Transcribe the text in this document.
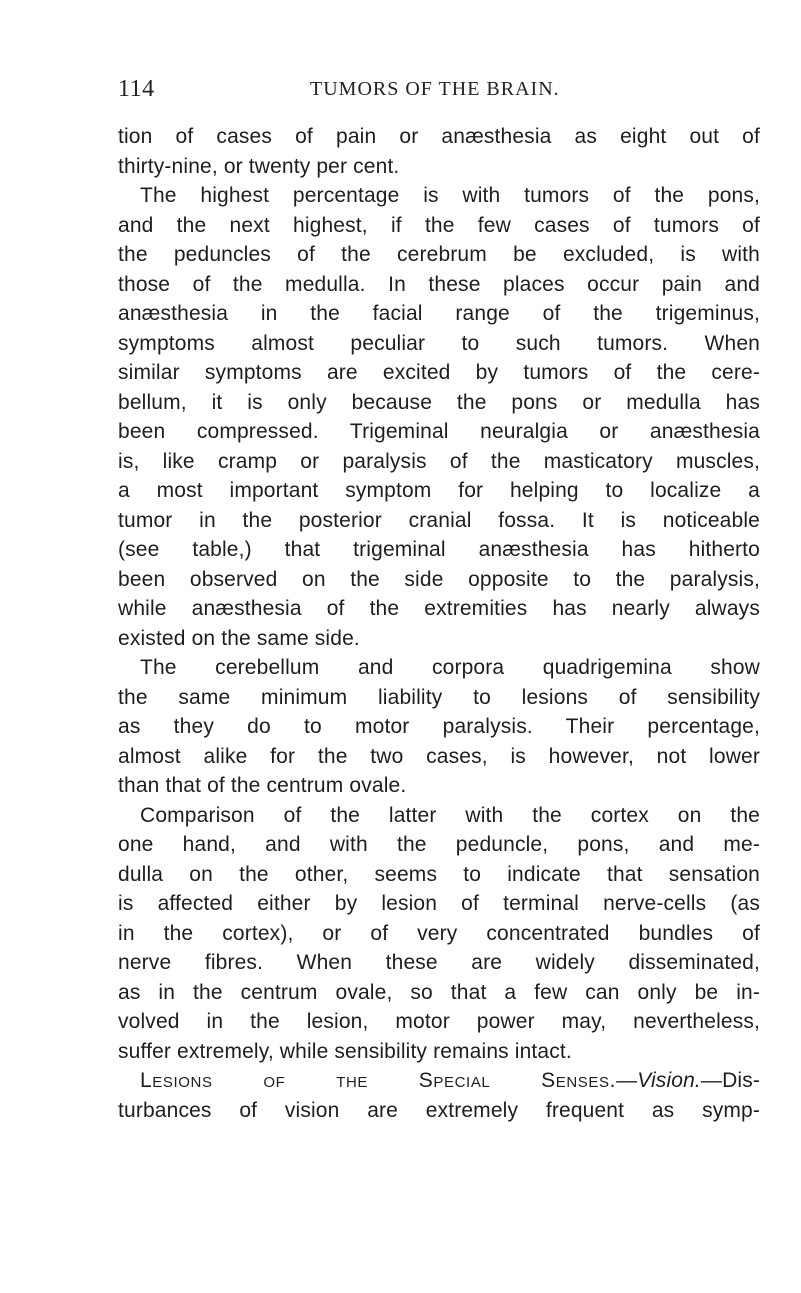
114	TUMORS OF THE BRAIN.
tion of cases of pain or anæsthesia as eight out of
thirty-nine, or twenty per cent.
The highest percentage is with tumors of the pons,
and the next highest, if the few cases of tumors of
the peduncles of the cerebrum be excluded, is with
those of the medulla. In these places occur pain and
anæsthesia in the facial range of the trigeminus,
symptoms almost peculiar to such tumors. When
similar symptoms are excited by tumors of the cere-
bellum, it is only because the pons or medulla has
been compressed. Trigeminal neuralgia or anæsthesia
is, like cramp or paralysis of the masticatory muscles,
a most important symptom for helping to localize a
tumor in the posterior cranial fossa. It is noticeable
(see table,) that trigeminal anæsthesia has hitherto
been observed on the side opposite to the paralysis,
while anæsthesia of the extremities has nearly always
existed on the same side.
The cerebellum and corpora quadrigemina show
the same minimum liability to lesions of sensibility
as they do to motor paralysis. Their percentage,
almost alike for the two cases, is however, not lower
than that of the centrum ovale.
Comparison of the latter with the cortex on the
one hand, and with the peduncle, pons, and me-
dulla on the other, seems to indicate that sensation
is affected either by lesion of terminal nerve-cells (as
in the cortex), or of very concentrated bundles of
nerve fibres. When these are widely disseminated,
as in the centrum ovale, so that a few can only be in-
volved in the lesion, motor power may, nevertheless,
suffer extremely, while sensibility remains intact.
Lesions of the Special Senses.—Vision.—Dis-
turbances of vision are extremely frequent as symp-
